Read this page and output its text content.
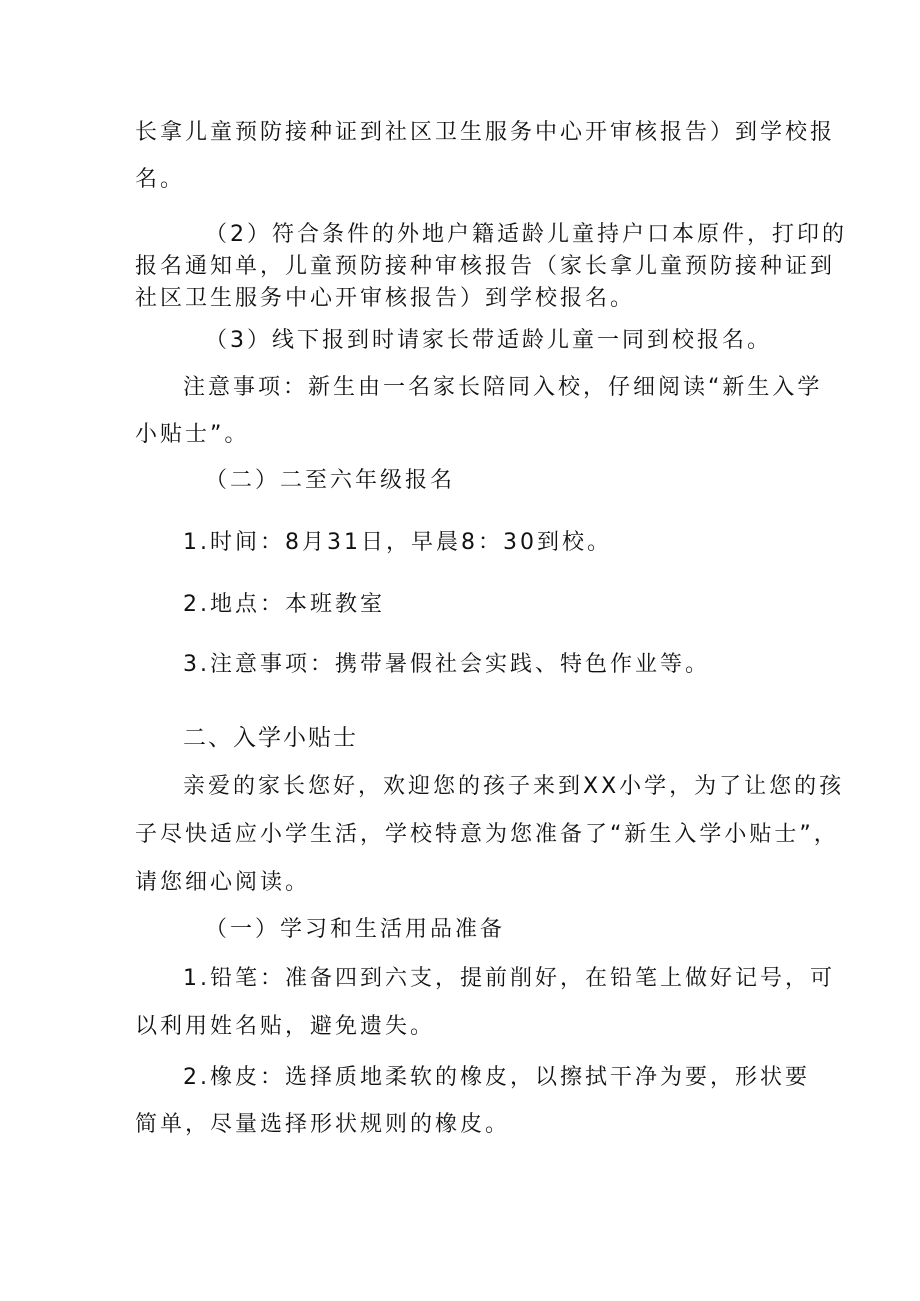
长拿儿童预防接种证到社区卫生服务中心开审核报告）到学校报

名。

（2）符合条件的外地户籍适龄儿童持户口本原件，打印的

报名通知单，儿童预防接种审核报告（家长拿儿童预防接种证到

社区卫生服务中心开审核报告）到学校报名。

（3）线下报到时请家长带适龄儿童一同到校报名。

注意事项：新生由一名家长陪同入校，仔细阅读“新生入学

小贴士”。

（二）二至六年级报名

1.时间：8月31日，早晨8：30到校。

2.地点：本班教室

3.注意事项：携带暑假社会实践、特色作业等。

二、入学小贴士

亲爱的家长您好，欢迎您的孩子来到XX小学，为了让您的孩

子尽快适应小学生活，学校特意为您准备了“新生入学小贴士”，

请您细心阅读。

（一）学习和生活用品准备

1.铅笔：准备四到六支，提前削好，在铅笔上做好记号，可

以利用姓名贴，避免遗失。

2.橡皮：选择质地柔软的橡皮，以擦拭干净为要，形状要

简单，尽量选择形状规则的橡皮。
